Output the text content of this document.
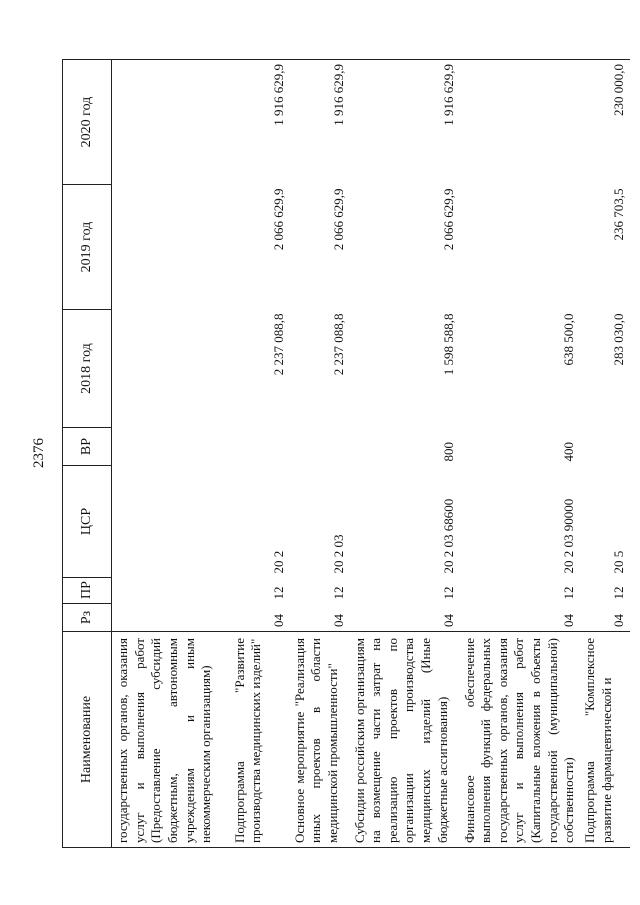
2376
Наименование	Рз	ПР	ЦСР	ВР	2018 год	2019 год	2020 год
государственных органов, оказания услуг и выполнения работ (Предоставление субсидий бюджетным, автономным учреждениям и иным некоммерческим организациям)							
Подпрограмма "Развитие производства медицинских изделий"	04	12	20 2		2 237 088,8	2 066 629,9	1 916 629,9
Основное мероприятие "Реализация иных проектов в области медицинской промышленности"	04	12	20 2 03		2 237 088,8	2 066 629,9	1 916 629,9
Субсидии российским организациям на возмещение части затрат на реализацию проектов по организации производства медицинских изделий (Иные бюджетные ассигнования)	04	12	20 2 03 68600	800	1 598 588,8	2 066 629,9	1 916 629,9
Финансовое обеспечение выполнения функций федеральных государственных органов, оказания услуг и выполнения работ (Капитальные вложения в объекты государственной (муниципальной) собственности)	04	12	20 2 03 90000	400	638 500,0		
Подпрограмма "Комплексное развитие фармацевтической и	04	12	20 5		283 030,0	236 703,5	230 000,0
